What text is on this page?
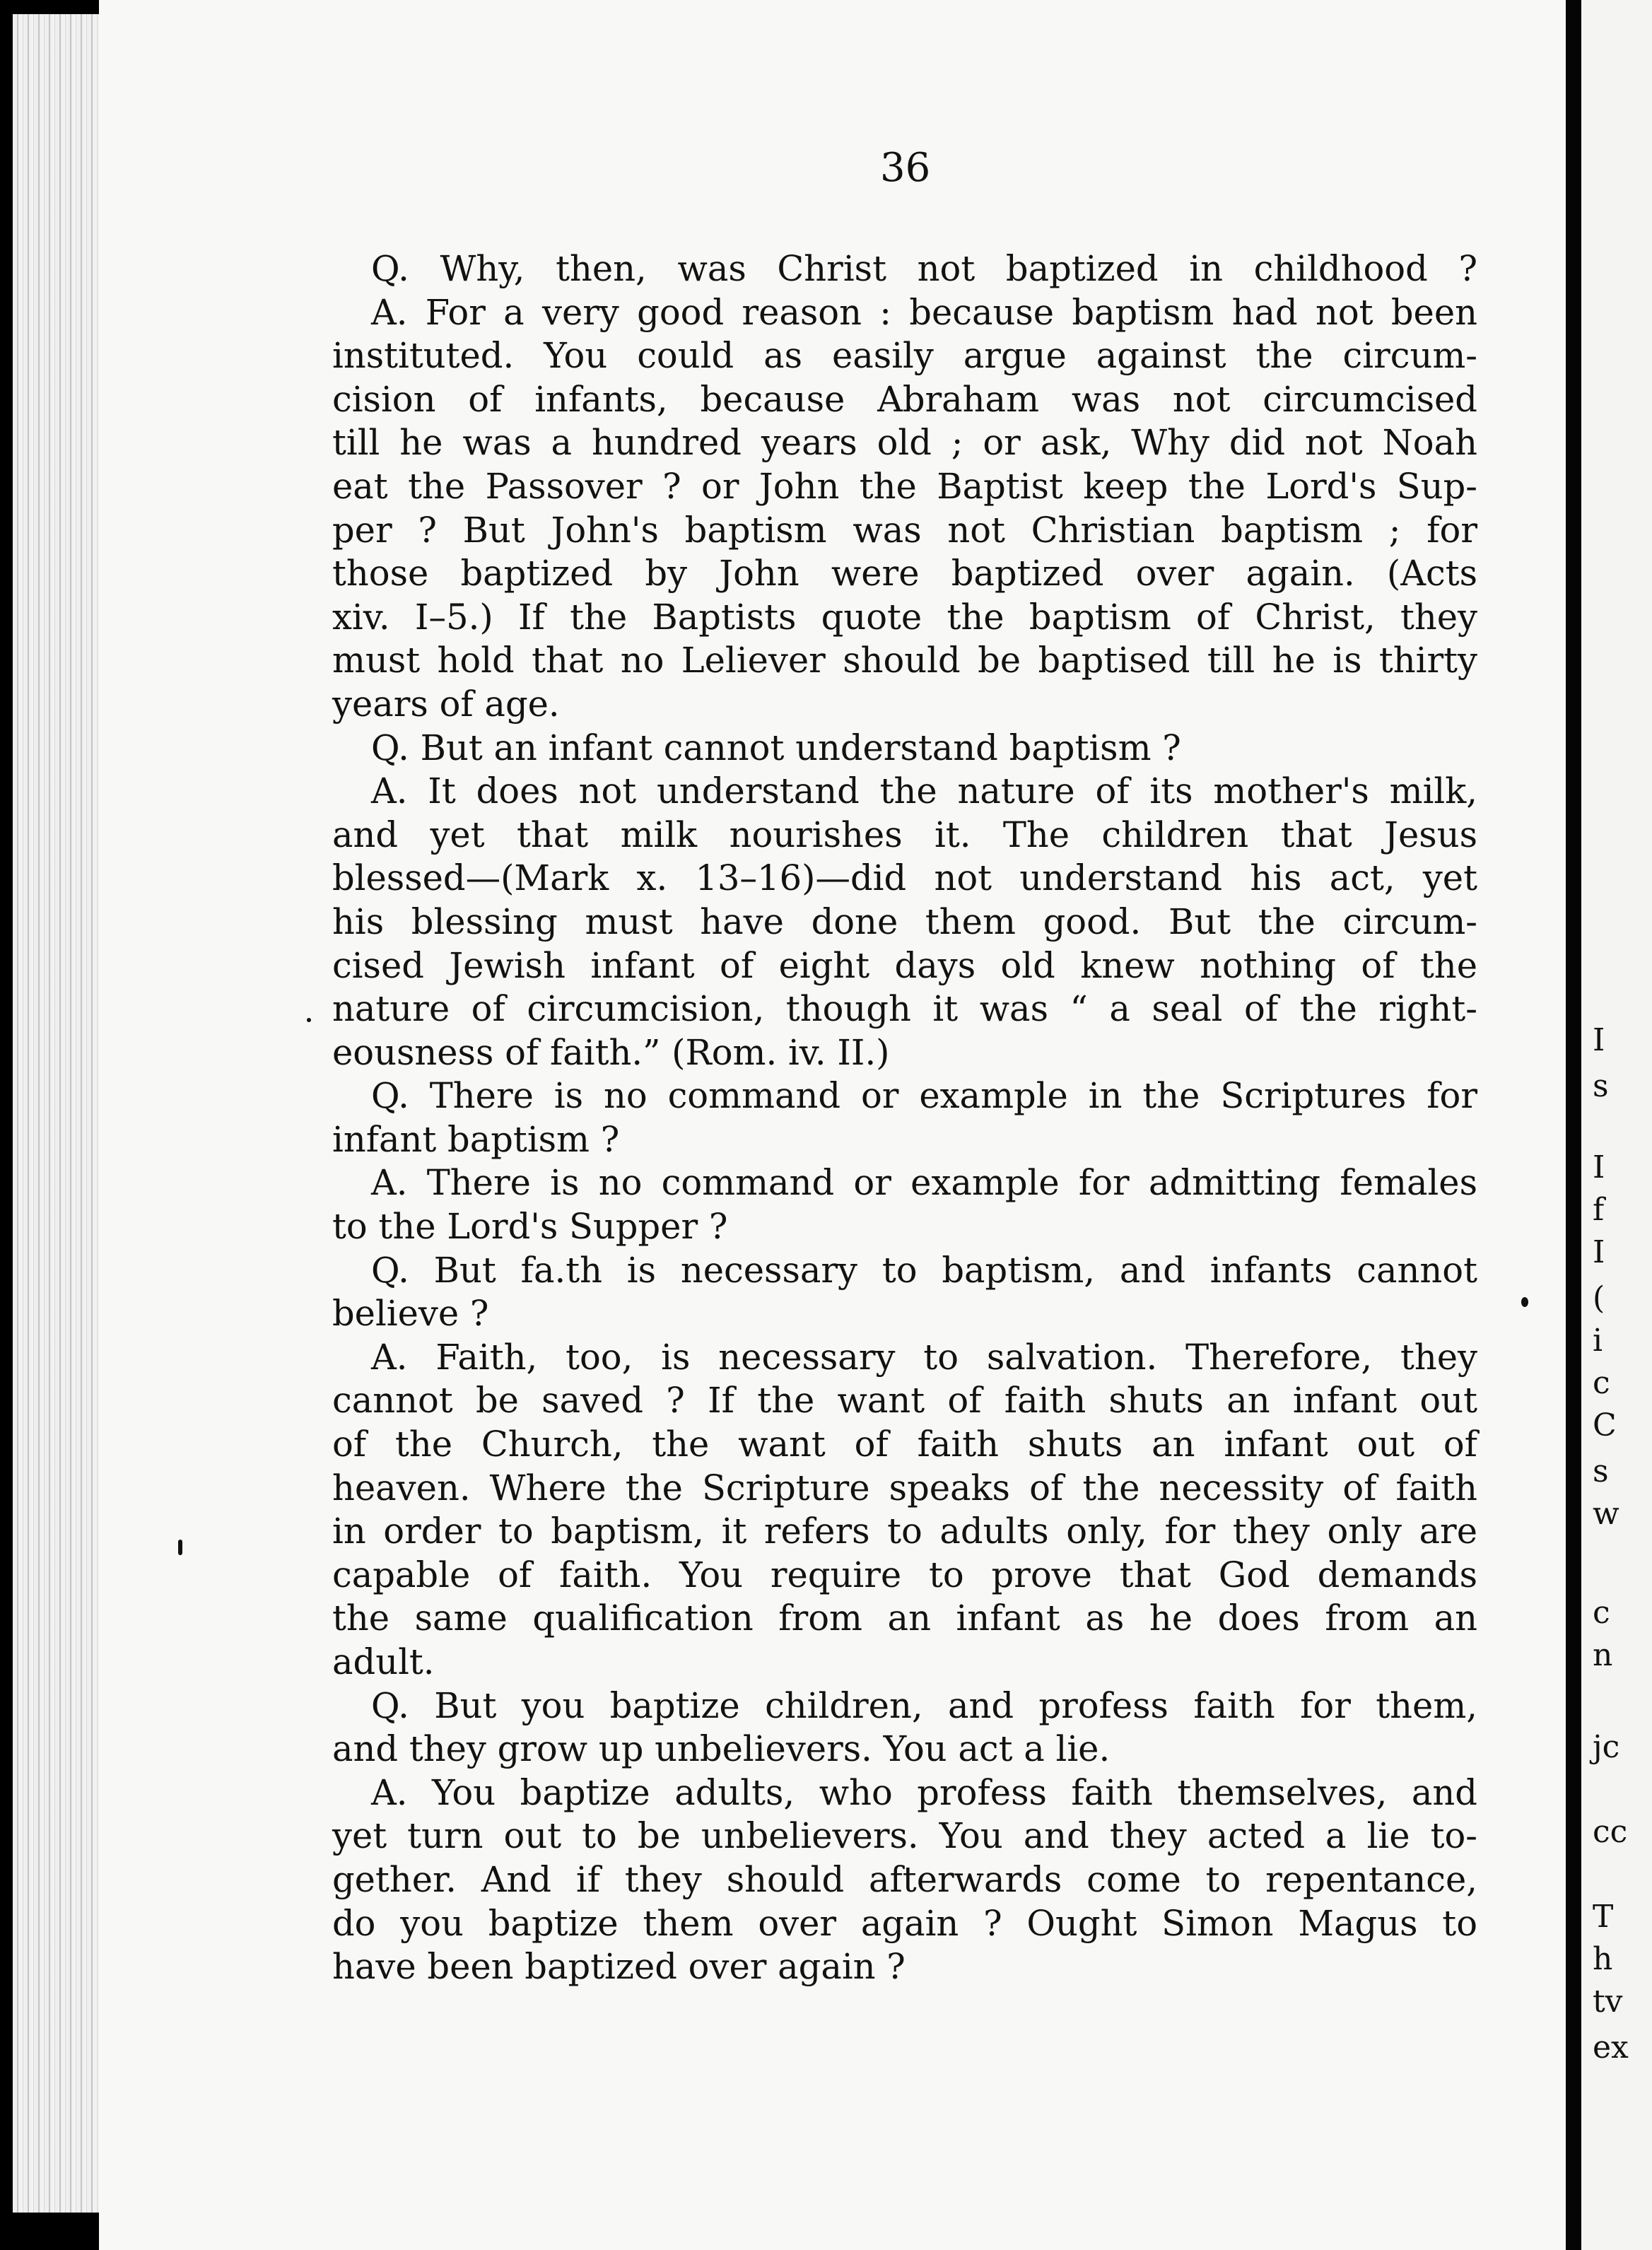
36
Q. Why, then, was Christ not baptized in childhood ?
A. For a very good reason : because baptism had not been
instituted. You could as easily argue against the circum-
cision of infants, because Abraham was not circumcised
till he was a hundred years old ; or ask, Why did not Noah
eat the Passover ? or John the Baptist keep the Lord's Sup-
per ? But John's baptism was not Christian baptism ; for
those baptized by John were baptized over again. (Acts
xiv. I–5.) If the Baptists quote the baptism of Christ, they
must hold that no Leliever should be baptised till he is thirty
years of age.
Q. But an infant cannot understand baptism ?
A. It does not understand the nature of its mother's milk,
and yet that milk nourishes it. The children that Jesus
blessed—(Mark x. 13–16)—did not understand his act, yet
his blessing must have done them good. But the circum-
cised Jewish infant of eight days old knew nothing of the
nature of circumcision, though it was “ a seal of the right-
eousness of faith.” (Rom. iv. II.)
Q. There is no command or example in the Scriptures for
infant baptism ?
A. There is no command or example for admitting females
to the Lord's Supper ?
Q. But fa.th is necessary to baptism, and infants cannot
believe ?
A. Faith, too, is necessary to salvation. Therefore, they
cannot be saved ? If the want of faith shuts an infant out
of the Church, the want of faith shuts an infant out of
heaven. Where the Scripture speaks of the necessity of faith
in order to baptism, it refers to adults only, for they only are
capable of faith. You require to prove that God demands
the same qualification from an infant as he does from an
adult.
Q. But you baptize children, and profess faith for them,
and they grow up unbelievers. You act a lie.
A. You baptize adults, who profess faith themselves, and
yet turn out to be unbelievers. You and they acted a lie to-
gether. And if they should afterwards come to repentance,
do you baptize them over again ? Ought Simon Magus to
have been baptized over again ?
I
s
I
f
I
(
i
c
C
s
w
c
n
jc
cc
T
h
tv
ex
